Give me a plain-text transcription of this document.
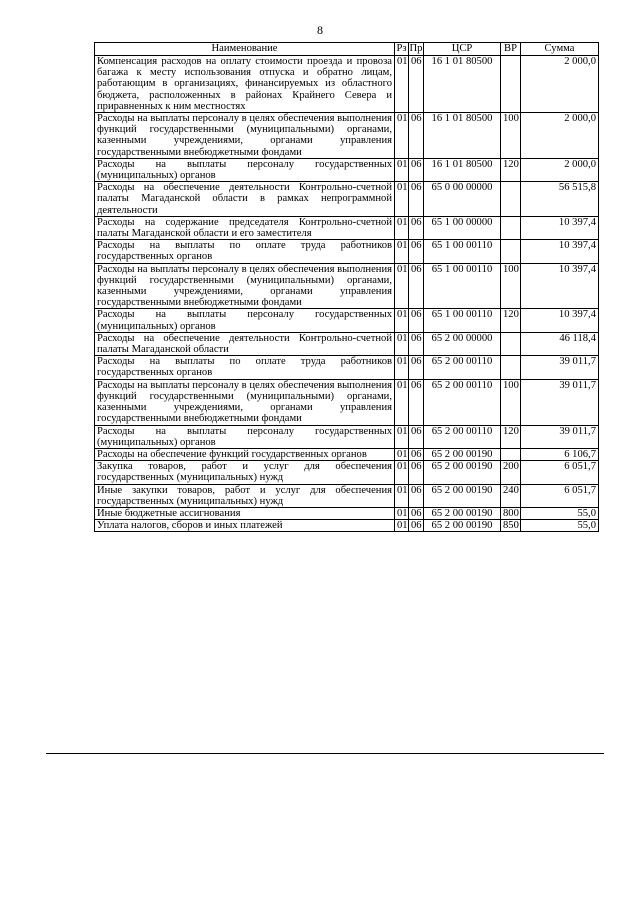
8
Наименование	Рз	Пр	ЦСР	ВР	Сумма
Компенсация расходов на оплату стоимости проезда и провоза багажа к месту использования отпуска и обратно лицам, работающим в организациях, финансируемых из областного бюджета, расположенных в районах Крайнего Севера и приравненных к ним местностях	01	06	16 1 01 80500		2 000,0
Расходы на выплаты персоналу в целях обеспечения выполнения функций государственными (муниципальными) органами, казенными учреждениями, органами управления государственными внебюджетными фондами	01	06	16 1 01 80500	100	2 000,0
Расходы на выплаты персоналу государственных (муниципальных) органов	01	06	16 1 01 80500	120	2 000,0
Расходы на обеспечение деятельности Контрольно-счетной палаты Магаданской области в рамках непрограммной деятельности	01	06	65 0 00 00000		56 515,8
Расходы на содержание председателя Контрольно-счетной палаты Магаданской области и его заместителя	01	06	65 1 00 00000		10 397,4
Расходы на выплаты по оплате труда работников государственных органов	01	06	65 1 00 00110		10 397,4
Расходы на выплаты персоналу в целях обеспечения выполнения функций государственными (муниципальными) органами, казенными учреждениями, органами управления государственными внебюджетными фондами	01	06	65 1 00 00110	100	10 397,4
Расходы на выплаты персоналу государственных (муниципальных) органов	01	06	65 1 00 00110	120	10 397,4
Расходы на обеспечение деятельности Контрольно-счетной палаты Магаданской области	01	06	65 2 00 00000		46 118,4
Расходы на выплаты по оплате труда работников государственных органов	01	06	65 2 00 00110		39 011,7
Расходы на выплаты персоналу в целях обеспечения выполнения функций государственными (муниципальными) органами, казенными учреждениями, органами управления государственными внебюджетными фондами	01	06	65 2 00 00110	100	39 011,7
Расходы на выплаты персоналу государственных (муниципальных) органов	01	06	65 2 00 00110	120	39 011,7
Расходы на обеспечение функций государственных органов	01	06	65 2 00 00190		6 106,7
Закупка товаров, работ и услуг для обеспечения государственных (муниципальных) нужд	01	06	65 2 00 00190	200	6 051,7
Иные закупки товаров, работ и услуг для обеспечения государственных (муниципальных) нужд	01	06	65 2 00 00190	240	6 051,7
Иные бюджетные ассигнования	01	06	65 2 00 00190	800	55,0
Уплата налогов, сборов и иных платежей	01	06	65 2 00 00190	850	55,0
